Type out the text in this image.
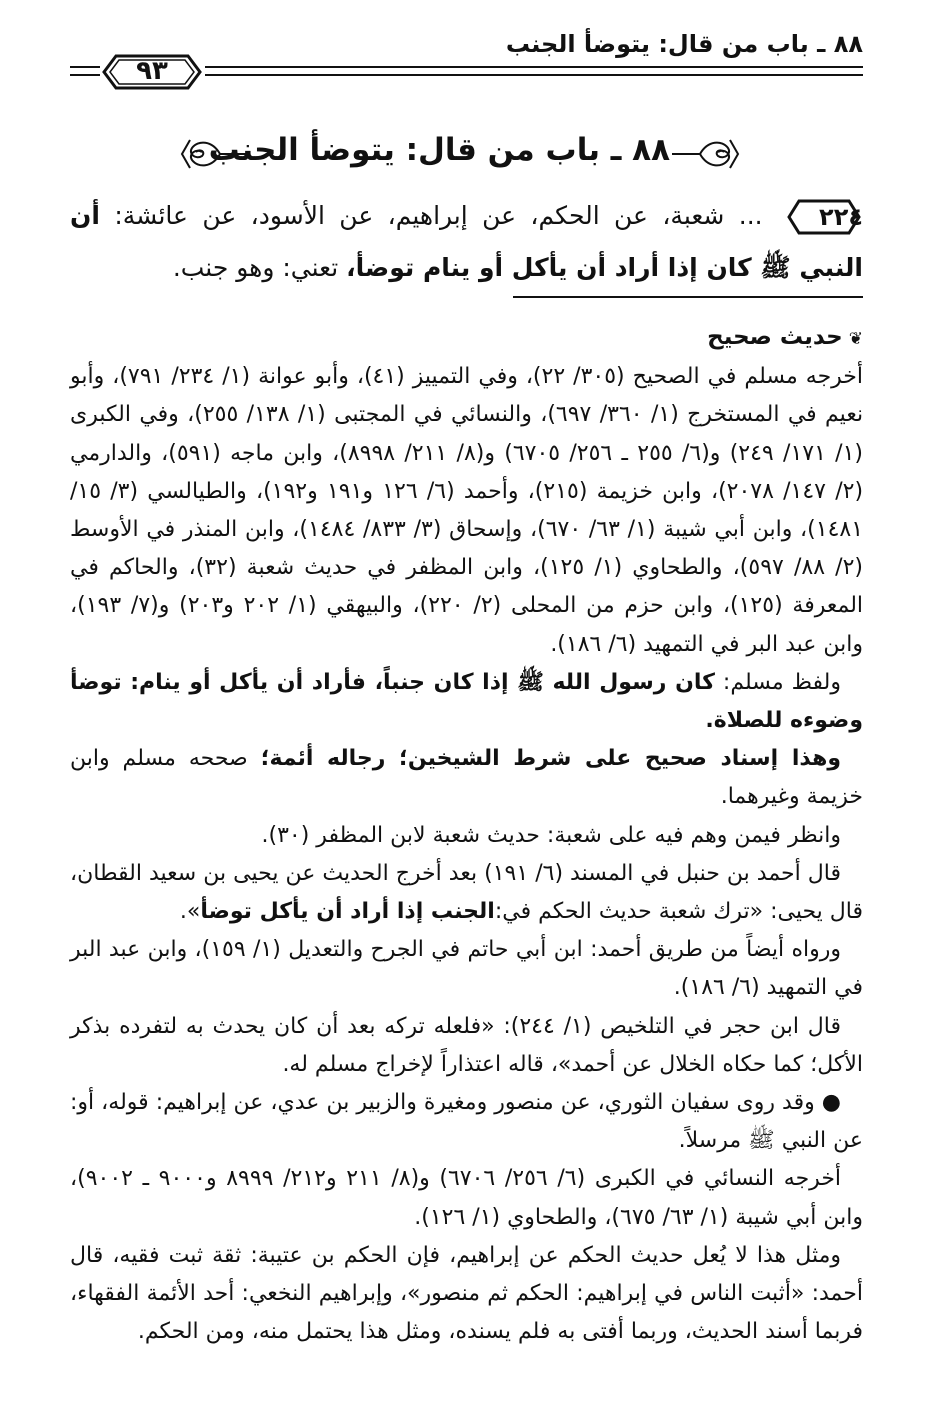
٨٨ ـ باب من قال: يتوضأ الجنب
٩٣
٨٨ ـ باب من قال: يتوضأ الجنب
٢٢٤
... شعبة، عن الحكم، عن إبراهيم، عن الأسود، عن عائشة: أن النبي ﷺ كان إذا أراد أن يأكل أو ينام توضأ، تعني: وهو جنب.

❦حديث صحيح

أخرجه مسلم في الصحيح (٣٠٥/ ٢٢)، وفي التمييز (٤١)، وأبو عوانة (١/ ٢٣٤/ ٧٩١)، وأبو نعيم في المستخرج (١/ ٣٦٠/ ٦٩٧)، والنسائي في المجتبى (١/ ١٣٨/ ٢٥٥)، وفي الكبرى (١/ ١٧١/ ٢٤٩) و(٦/ ٢٥٥ ـ ٢٥٦/ ٦٧٠٥) و(٨/ ٢١١/ ٨٩٩٨)، وابن ماجه (٥٩١)، والدارمي (٢/ ١٤٧/ ٢٠٧٨)، وابن خزيمة (٢١٥)، وأحمد (٦/ ١٢٦ و١٩١ و١٩٢)، والطيالسي (٣/ ١٥/ ١٤٨١)، وابن أبي شيبة (١/ ٦٣/ ٦٧٠)، وإسحاق (٣/ ٨٣٣/ ١٤٨٤)، وابن المنذر في الأوسط (٢/ ٨٨/ ٥٩٧)، والطحاوي (١/ ١٢٥)، وابن المظفر في حديث شعبة (٣٢)، والحاكم في المعرفة (١٢٥)، وابن حزم من المحلى (٢/ ٢٢٠)، والبيهقي (١/ ٢٠٢ و٢٠٣) و(٧/ ١٩٣)، وابن عبد البر في التمهيد (٦/ ١٨٦).

ولفظ مسلم: كان رسول الله ﷺ إذا كان جنباً، فأراد أن يأكل أو ينام: توضأ وضوءه للصلاة.

وهذا إسناد صحيح على شرط الشيخين؛ رجاله أئمة؛ صححه مسلم وابن خزيمة وغيرهما.

وانظر فيمن وهم فيه على شعبة: حديث شعبة لابن المظفر (٣٠).

قال أحمد بن حنبل في المسند (٦/ ١٩١) بعد أخرج الحديث عن يحيى بن سعيد القطان، قال يحيى: «ترك شعبة حديث الحكم في:الجنب إذا أراد أن يأكل توضأ».

ورواه أيضاً من طريق أحمد: ابن أبي حاتم في الجرح والتعديل (١/ ١٥٩)، وابن عبد البر في التمهيد (٦/ ١٨٦).

قال ابن حجر في التلخيص (١/ ٢٤٤): «فلعله تركه بعد أن كان يحدث به لتفرده بذكر الأكل؛ كما حكاه الخلال عن أحمد»، قاله اعتذاراً لإخراج مسلم له.

● وقد روى سفيان الثوري، عن منصور ومغيرة والزبير بن عدي، عن إبراهيم: قوله، أو: عن النبي ﷺ مرسلاً.

أخرجه النسائي في الكبرى (٦/ ٢٥٦/ ٦٧٠٦) و(٨/ ٢١١ و٢١٢/ ٨٩٩٩ و٩٠٠٠ ـ ٩٠٠٢)، وابن أبي شيبة (١/ ٦٣/ ٦٧٥)، والطحاوي (١/ ١٢٦).

ومثل هذا لا يُعل حديث الحكم عن إبراهيم، فإن الحكم بن عتيبة: ثقة ثبت فقيه، قال أحمد: «أثبت الناس في إبراهيم: الحكم ثم منصور»، وإبراهيم النخعي: أحد الأئمة الفقهاء، فربما أسند الحديث، وربما أفتى به فلم يسنده، ومثل هذا يحتمل منه، ومن الحكم.
